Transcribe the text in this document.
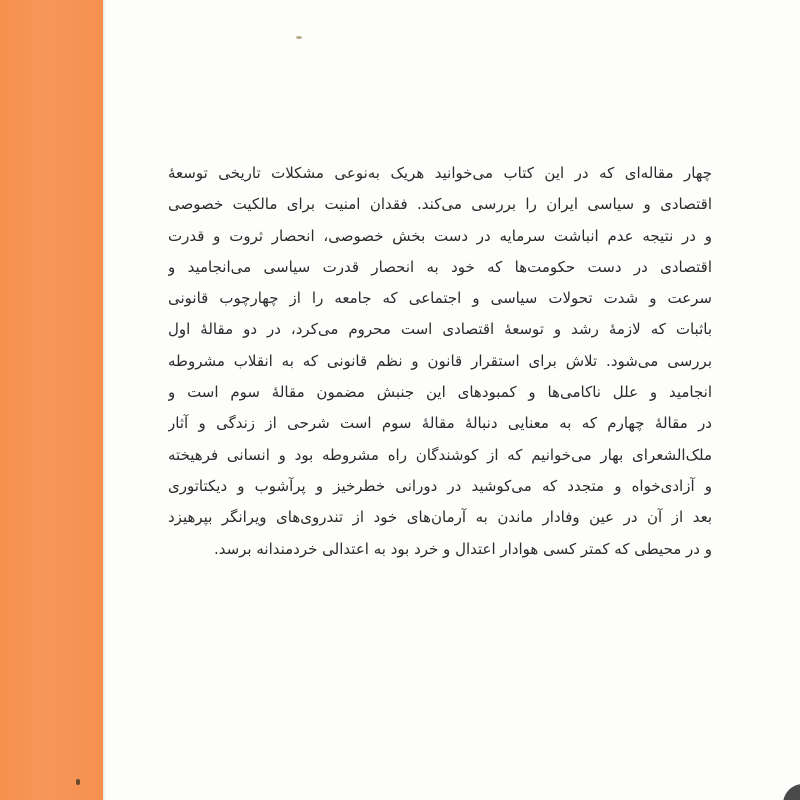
چهار مقاله‌ای که در این کتاب می‌خوانید هریک به‌نوعی مشکلات تاریخی توسعهٔ
اقتصادی و سیاسی ایران را بررسی می‌کند. فقدان امنیت برای مالکیت خصوصی
و در نتیجه عدم انباشت سرمایه در دست بخش خصوصی، انحصار ثروت و قدرت
اقتصادی در دست حکومت‌ها که خود به انحصار قدرت سیاسی می‌انجامید و
سرعت و شدت تحولات سیاسی و اجتماعی که جامعه را از چهارچوب قانونی
باثبات که لازمهٔ رشد و توسعهٔ اقتصادی است محروم می‌کرد، در دو مقالهٔ اول
بررسی می‌شود. تلاش برای استقرار قانون و نظم قانونی که به انقلاب مشروطه
انجامید و علل ناکامی‌ها و کمبودهای این جنبش مضمون مقالهٔ سوم است و
در مقالهٔ چهارم که به معنایی دنبالهٔ مقالهٔ سوم است شرحی از زندگی و آثار
ملک‌الشعرای بهار می‌خوانیم که از کوشندگان راه مشروطه بود و انسانی فرهیخته
و آزادی‌خواه و متجدد که می‌کوشید در دورانی خطرخیز و پرآشوب و دیکتاتوری
بعد از آن در عین وفادار ماندن به آرمان‌های خود از تندروی‌های ویرانگر بپرهیزد
و در محیطی که کمتر کسی هوادار اعتدال و خرد بود به اعتدالی خردمندانه برسد.
